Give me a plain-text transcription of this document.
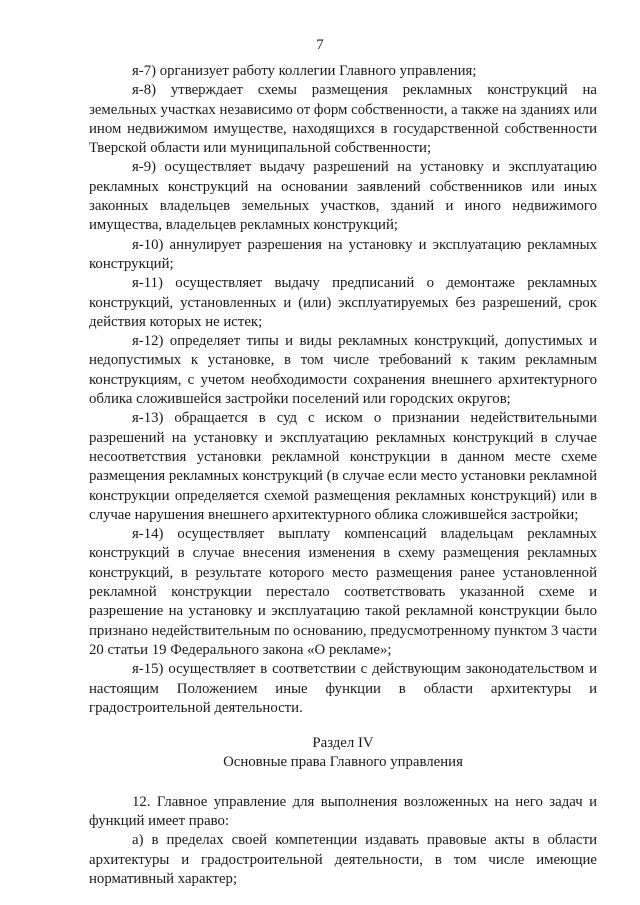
7

я-7) организует работу коллегии Главного управления;

я-8) утверждает схемы размещения рекламных конструкций на земельных участках независимо от форм собственности, а также на зданиях или ином недвижимом имуществе, находящихся в государственной собственности Тверской области или муниципальной собственности;

я-9) осуществляет выдачу разрешений на установку и эксплуатацию рекламных конструкций на основании заявлений собственников или иных законных владельцев земельных участков, зданий и иного недвижимого имущества, владельцев рекламных конструкций;

я-10) аннулирует разрешения на установку и эксплуатацию рекламных конструкций;

я-11) осуществляет выдачу предписаний о демонтаже рекламных конструкций, установленных и (или) эксплуатируемых без разрешений, срок действия которых не истек;

я-12) определяет типы и виды рекламных конструкций, допустимых и недопустимых к установке, в том числе требований к таким рекламным конструкциям, с учетом необходимости сохранения внешнего архитектурного облика сложившейся застройки поселений или городских округов;

я-13) обращается в суд с иском о признании недействительными разрешений на установку и эксплуатацию рекламных конструкций в случае несоответствия установки рекламной конструкции в данном месте схеме размещения рекламных конструкций (в случае если место установки рекламной конструкции определяется схемой размещения рекламных конструкций) или в случае нарушения внешнего архитектурного облика сложившейся застройки;

я-14) осуществляет выплату компенсаций владельцам рекламных конструкций в случае внесения изменения в схему размещения рекламных конструкций, в результате которого место размещения ранее установленной рекламной конструкции перестало соответствовать указанной схеме и разрешение на установку и эксплуатацию такой рекламной конструкции было признано недействительным по основанию, предусмотренному пунктом 3 части 20 статьи 19 Федерального закона «О рекламе»;

я-15) осуществляет в соответствии с действующим законодательством и настоящим Положением иные функции в области архитектуры и градостроительной деятельности.

Раздел IV

Основные права Главного управления

12. Главное управление для выполнения возложенных на него задач и функций имеет право:

а) в пределах своей компетенции издавать правовые акты в области архитектуры и градостроительной деятельности, в том числе имеющие нормативный характер;
